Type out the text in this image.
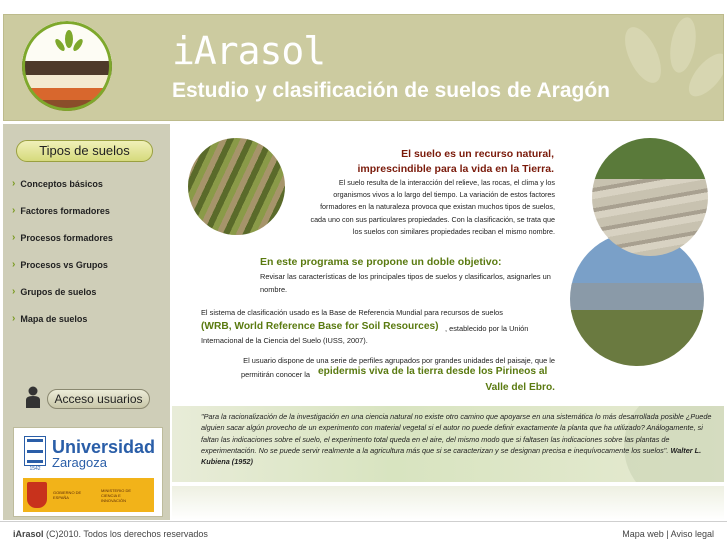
iArasol
Estudio y clasificación de suelos de Aragón
Tipos de suelos
› Conceptos básicos
› Factores formadores
› Procesos formadores
› Procesos vs Grupos
› Grupos de suelos
› Mapa de suelos
Acceso usuarios
1542
Universidad
Zaragoza
GOBIERNO DE ESPAÑA
MINISTERIO DE CIENCIA E INNOVACIÓN
El suelo es un recurso natural,
imprescindible para la vida en la Tierra.
El suelo resulta de la interacción del relieve, las rocas, el clima y los organismos vivos a lo largo del tiempo. La variación de estos factores formadores en la naturaleza provoca que existan muchos tipos de suelos, cada uno con sus particulares propiedades. Con la clasificación, se trata que los suelos con similares propiedades reciban el mismo nombre.
En este programa se propone un doble objetivo:
Revisar las características de los principales tipos de suelos y clasificarlos, asignarles un nombre.
El sistema de clasificación usado es la Base de Referencia Mundial para recursos de suelos
(WRB, World Reference Base for Soil Resources) , establecido por la Unión
Internacional de la Ciencia del Suelo (IUSS, 2007).
El usuario dispone de una serie de perfiles agrupados por grandes unidades del paisaje, que le
permitirán conocer la epidermis viva de la tierra desde los Pirineos al
Valle del Ebro.
"Para la racionalización de la investigación en una ciencia natural no existe otro camino que apoyarse en una sistemática lo más desarrollada posible ¿Puede alguien sacar algún provecho de un experimento con material vegetal si el autor no puede definir exactamente la planta que ha utilizado? Análogamente, si faltan las indicaciones sobre el suelo, el experimento total queda en el aire, del mismo modo que si faltasen las indicaciones sobre las plantas de experimentación. No se puede servir realmente a la agricultura más que si se caracterizan y se designan precisa e inequívocamente los suelos". Walter L. Kubiena (1952)
iArasol (C)2010. Todos los derechos reservados	Mapa web | Aviso legal
